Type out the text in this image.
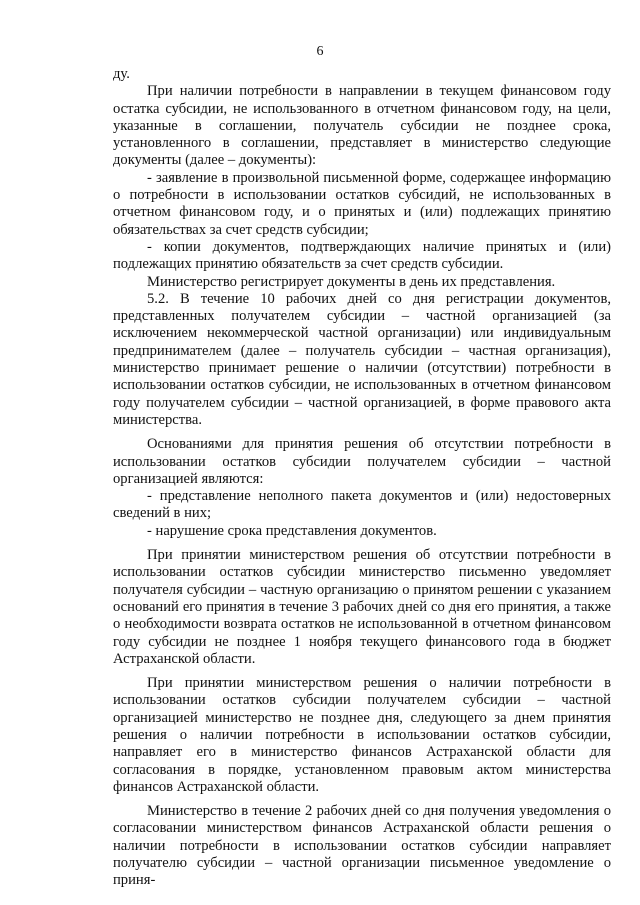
6

ду.

При наличии потребности в направлении в текущем финансовом году остатка субсидии, не использованного в отчетном финансовом году, на цели, указанные в соглашении, получатель субсидии не позднее срока, установленного в соглашении, представляет в министерство следующие документы (далее – документы):

- заявление в произвольной письменной форме, содержащее информацию о потребности в использовании остатков субсидий, не использованных в отчетном финансовом году, и о принятых и (или) подлежащих принятию обязательствах за счет средств субсидии;

- копии документов, подтверждающих наличие принятых и (или) подлежащих принятию обязательств за счет средств субсидии.

Министерство регистрирует документы в день их представления.

5.2. В течение 10 рабочих дней со дня регистрации документов, представленных получателем субсидии – частной организацией (за исключением некоммерческой частной организации) или индивидуальным предпринимателем (далее – получатель субсидии – частная организация), министерство принимает решение о наличии (отсутствии) потребности в использовании остатков субсидии, не использованных в отчетном финансовом году получателем субсидии – частной организацией, в форме правового акта министерства.

Основаниями для принятия решения об отсутствии потребности в использовании остатков субсидии получателем субсидии – частной организацией являются:

- представление неполного пакета документов и (или) недостоверных сведений в них;

- нарушение срока представления документов.

При принятии министерством решения об отсутствии потребности в использовании остатков субсидии министерство письменно уведомляет получателя субсидии – частную организацию о принятом решении с указанием оснований его принятия в течение 3 рабочих дней со дня его принятия, а также о необходимости возврата остатков не использованной в отчетном финансовом году субсидии не позднее 1 ноября текущего финансового года в бюджет Астраханской области.

При принятии министерством решения о наличии потребности в использовании остатков субсидии получателем субсидии – частной организацией министерство не позднее дня, следующего за днем принятия решения о наличии потребности в использовании остатков субсидии, направляет его в министерство финансов Астраханской области для согласования в порядке, установленном правовым актом министерства финансов Астраханской области.

Министерство в течение 2 рабочих дней со дня получения уведомления о согласовании министерством финансов Астраханской области решения о наличии потребности в использовании остатков субсидии направляет получателю субсидии – частной организации письменное уведомление о приня-
